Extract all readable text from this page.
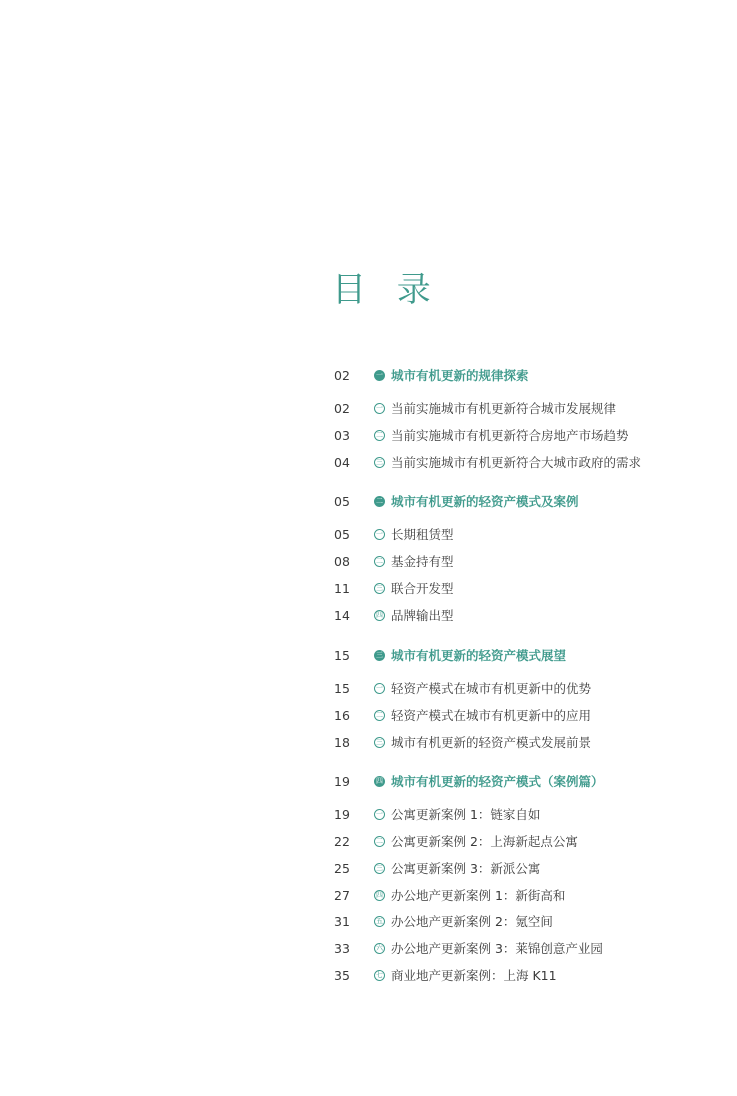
目 录
02	一 城市有机更新的规律探索
02	一 当前实施城市有机更新符合城市发展规律
03	二 当前实施城市有机更新符合房地产市场趋势
04	三 当前实施城市有机更新符合大城市政府的需求
05	二 城市有机更新的轻资产模式及案例
05	一 长期租赁型
08	二 基金持有型
11	三 联合开发型
14	四 品牌输出型
15	三 城市有机更新的轻资产模式展望
15	一 轻资产模式在城市有机更新中的优势
16	二 轻资产模式在城市有机更新中的应用
18	三 城市有机更新的轻资产模式发展前景
19	四 城市有机更新的轻资产模式（案例篇）
19	一 公寓更新案例 1：链家自如
22	二 公寓更新案例 2：上海新起点公寓
25	三 公寓更新案例 3：新派公寓
27	四 办公地产更新案例 1：新街高和
31	五 办公地产更新案例 2：氪空间
33	六 办公地产更新案例 3：莱锦创意产业园
35	七 商业地产更新案例：上海 K11
